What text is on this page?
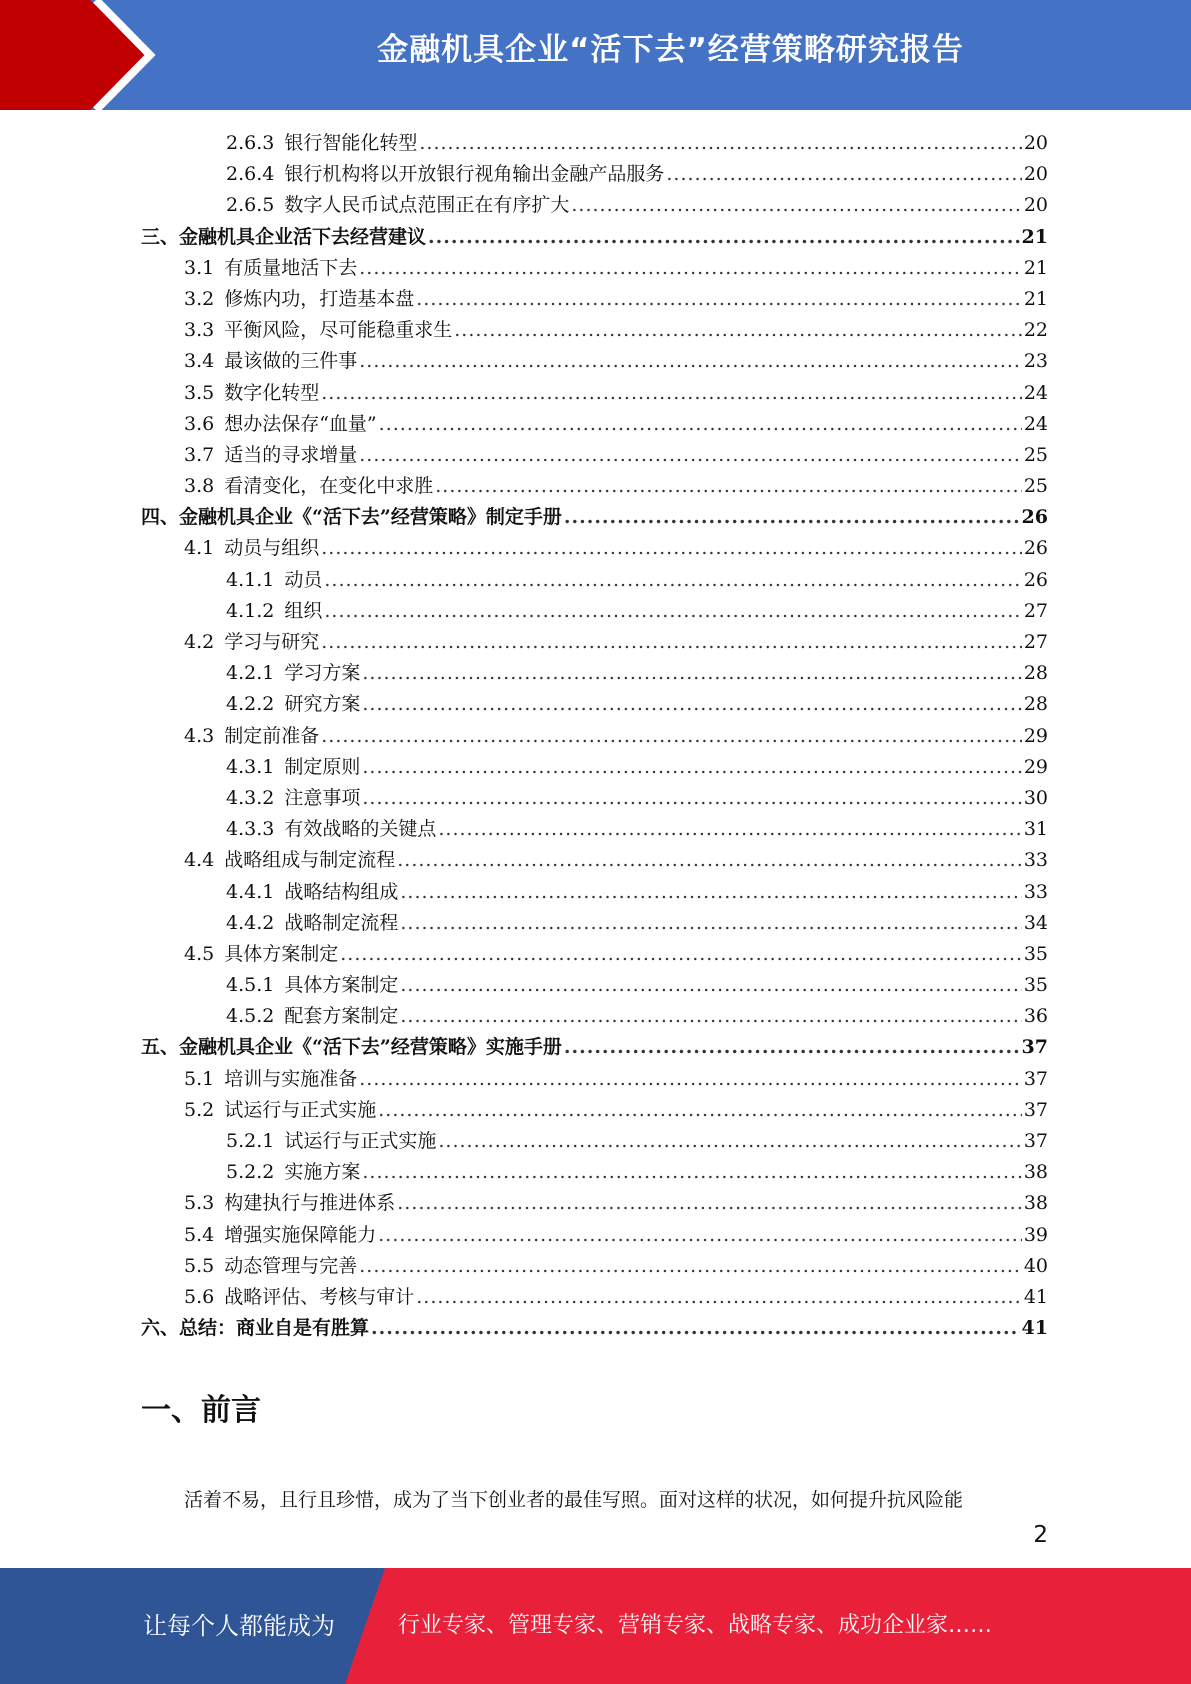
金融机具企业“活下去”经营策略研究报告
2.6.3 银行智能化转型 .....	20
2.6.4 银行机构将以开放银行视角输出金融产品服务 .....	20
2.6.5 数字人民币试点范围正在有序扩大 .....	20
三、金融机具企业活下去经营建议 .....	21
3.1 有质量地活下去 .....	21
3.2 修炼内功，打造基本盘 .....	21
3.3 平衡风险，尽可能稳重求生 .....	22
3.4 最该做的三件事 .....	23
3.5 数字化转型 .....	24
3.6 想办法保存“血量” .....	24
3.7 适当的寻求增量 .....	25
3.8 看清变化，在变化中求胜 .....	25
四、金融机具企业《“活下去”经营策略》制定手册 .....	26
4.1 动员与组织 .....	26
4.1.1 动员 .....	26
4.1.2 组织 .....	27
4.2 学习与研究 .....	27
4.2.1 学习方案 .....	28
4.2.2 研究方案 .....	28
4.3 制定前准备 .....	29
4.3.1 制定原则 .....	29
4.3.2 注意事项 .....	30
4.3.3 有效战略的关键点 .....	31
4.4 战略组成与制定流程 .....	33
4.4.1 战略结构组成 .....	33
4.4.2 战略制定流程 .....	34
4.5 具体方案制定 .....	35
4.5.1 具体方案制定 .....	35
4.5.2 配套方案制定 .....	36
五、金融机具企业《“活下去”经营策略》实施手册 .....	37
5.1 培训与实施准备 .....	37
5.2 试运行与正式实施 .....	37
5.2.1 试运行与正式实施 .....	37
5.2.2 实施方案 .....	38
5.3 构建执行与推进体系 .....	38
5.4 增强实施保障能力 .....	39
5.5 动态管理与完善 .....	40
5.6 战略评估、考核与审计 .....	41
六、总结：商业自是有胜算 .....	41
一、前言
活着不易，且行且珍惜，成为了当下创业者的最佳写照。面对这样的状况，如何提升抗风险能
2
让每个人都能成为	行业专家、管理专家、营销专家、战略专家、成功企业家……
